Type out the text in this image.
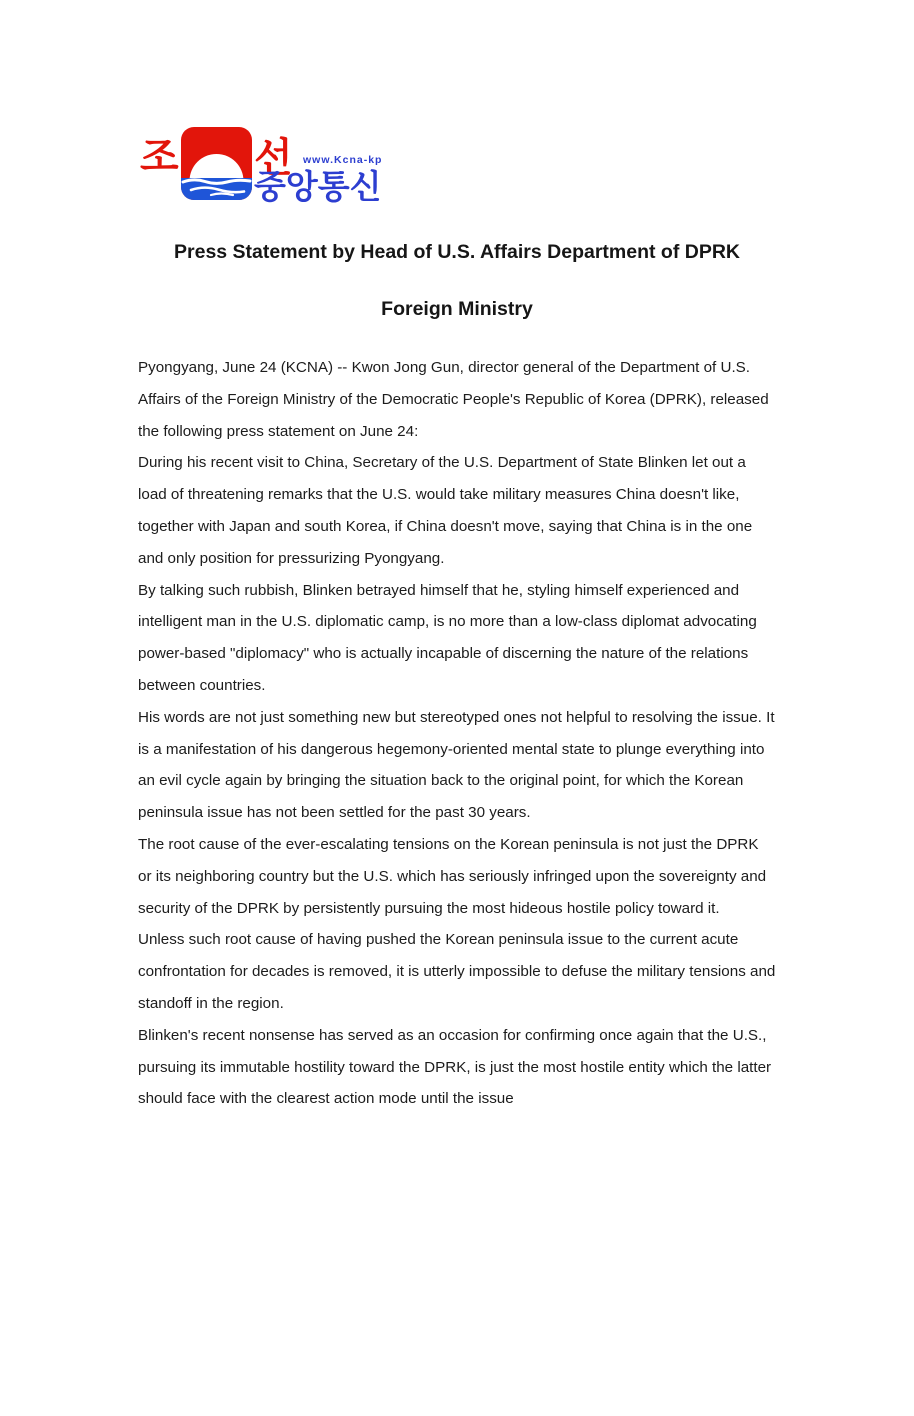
조 선 www.Kcna-kp
중앙통신
Press Statement by Head of U.S. Affairs Department of DPRK
Foreign Ministry

Pyongyang, June 24 (KCNA) -- Kwon Jong Gun, director general of the Department of U.S. Affairs of the Foreign Ministry of the Democratic People's Republic of Korea (DPRK), released the following press statement on June 24:

During his recent visit to China, Secretary of the U.S. Department of State Blinken let out a load of threatening remarks that the U.S. would take military measures China doesn't like, together with Japan and south Korea, if China doesn't move, saying that China is in the one and only position for pressurizing Pyongyang.

By talking such rubbish, Blinken betrayed himself that he, styling himself experienced and intelligent man in the U.S. diplomatic camp, is no more than a low-class diplomat advocating power-based "diplomacy" who is actually incapable of discerning the nature of the relations between countries.

His words are not just something new but stereotyped ones not helpful to resolving the issue. It is a manifestation of his dangerous hegemony-oriented mental state to plunge everything into an evil cycle again by bringing the situation back to the original point, for which the Korean peninsula issue has not been settled for the past 30 years.

The root cause of the ever-escalating tensions on the Korean peninsula is not just the DPRK or its neighboring country but the U.S. which has seriously infringed upon the sovereignty and security of the DPRK by persistently pursuing the most hideous hostile policy toward it.

Unless such root cause of having pushed the Korean peninsula issue to the current acute confrontation for decades is removed, it is utterly impossible to defuse the military tensions and standoff in the region.

Blinken's recent nonsense has served as an occasion for confirming once again that the U.S., pursuing its immutable hostility toward the DPRK, is just the most hostile entity which the latter should face with the clearest action mode until the issue
